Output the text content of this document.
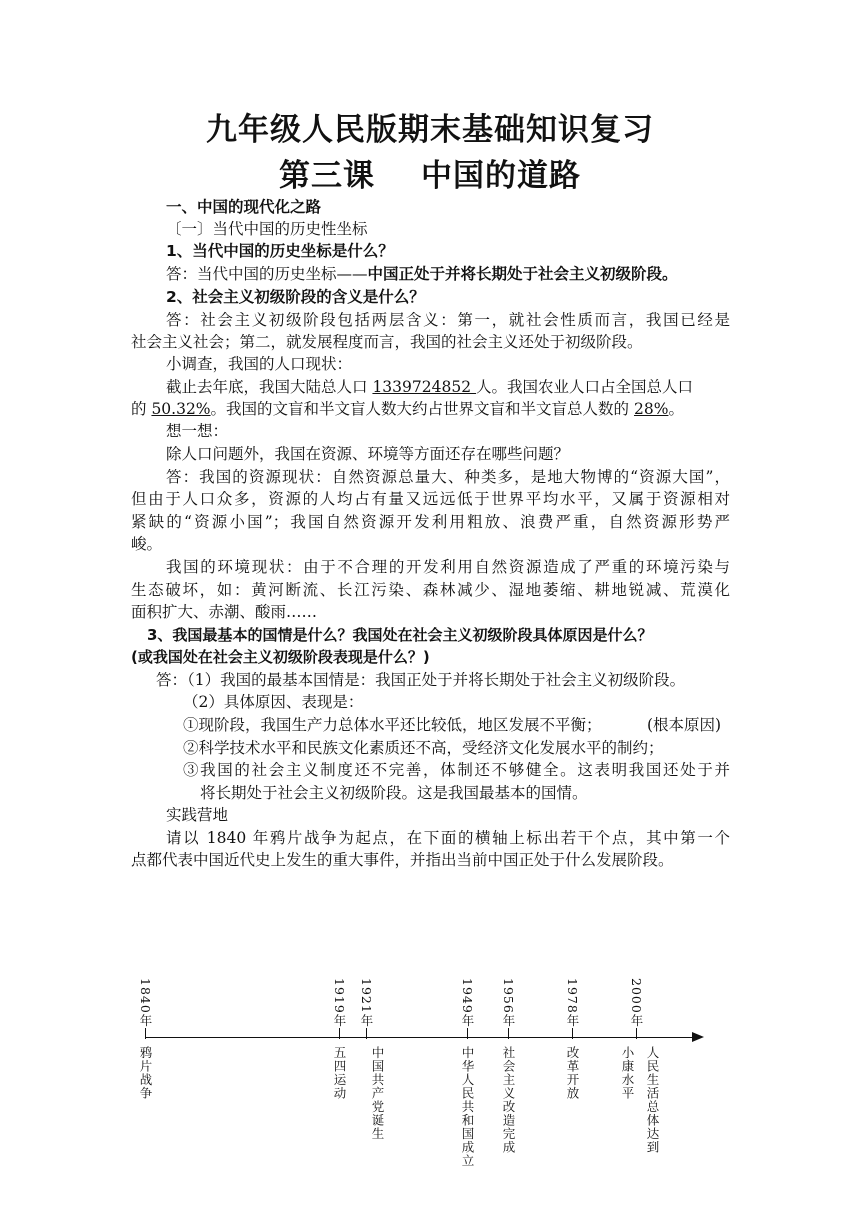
九年级人民版期末基础知识复习
第三课 中国的道路
一、中国的现代化之路
〔一〕当代中国的历史性坐标
1、当代中国的历史坐标是什么？
答：当代中国的历史坐标——中国正处于并将长期处于社会主义初级阶段。
2、社会主义初级阶段的含义是什么？
答：社会主义初级阶段包括两层含义：第一，就社会性质而言，我国已经是
社会主义社会；第二，就发展程度而言，我国的社会主义还处于初级阶段。
小调查，我国的人口现状：
截止去年底，我国大陆总人口 1339724852 人。我国农业人口占全国总人口
的 50.32%。我国的文盲和半文盲人数大约占世界文盲和半文盲总人数的 28%。
想一想：
除人口问题外，我国在资源、环境等方面还存在哪些问题？
答：我国的资源现状：自然资源总量大、种类多，是地大物博的“资源大国”，
但由于人口众多，资源的人均占有量又远远低于世界平均水平，又属于资源相对
紧缺的“资源小国”；我国自然资源开发利用粗放、浪费严重，自然资源形势严
峻。
我国的环境现状：由于不合理的开发利用自然资源造成了严重的环境污染与
生态破坏，如：黄河断流、长江污染、森林减少、湿地萎缩、耕地锐减、荒漠化
面积扩大、赤潮、酸雨……
3、我国最基本的国情是什么？我国处在社会主义初级阶段具体原因是什么？
(或我国处在社会主义初级阶段表现是什么？)
答：（1）我国的最基本国情是：我国正处于并将长期处于社会主义初级阶段。
（2）具体原因、表现是：
①现阶段，我国生产力总体水平还比较低，地区发展不平衡；	(根本原因)
②科学技术水平和民族文化素质还不高，受经济文化发展水平的制约；
③我国的社会主义制度还不完善，体制还不够健全。这表明我国还处于并
将长期处于社会主义初级阶段。这是我国最基本的国情。
实践营地
请以 1840 年鸦片战争为起点，在下面的横轴上标出若干个点，其中第一个
点都代表中国近代史上发生的重大事件，并指出当前中国正处于什么发展阶段。
1840年	1919年 1921年	1949年 1956年	1978年	2000年
鸦片战争	五四运动 中国共产党诞生	中华人民共和国成立 社会主义改造完成	改革开放	小康水平 人民生活总体达到
